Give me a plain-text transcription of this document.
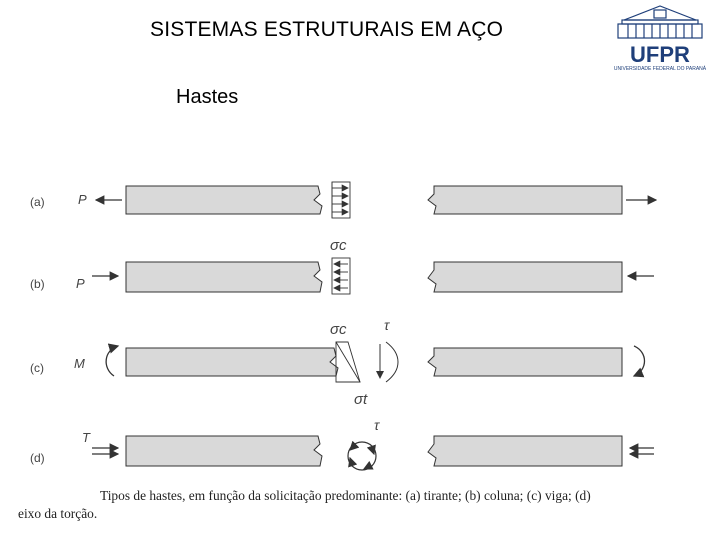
SISTEMAS ESTRUTURAIS EM AÇO
Hastes
UFPR
UNIVERSIDADE FEDERAL DO PARANÁ
(a)	P
σc
(b) P
σc	τ
(c) M
σt
τ
(d)
T
Tipos de hastes, em função da solicitação predominante: (a) tirante; (b) coluna; (c) viga; (d)
eixo da torção.
